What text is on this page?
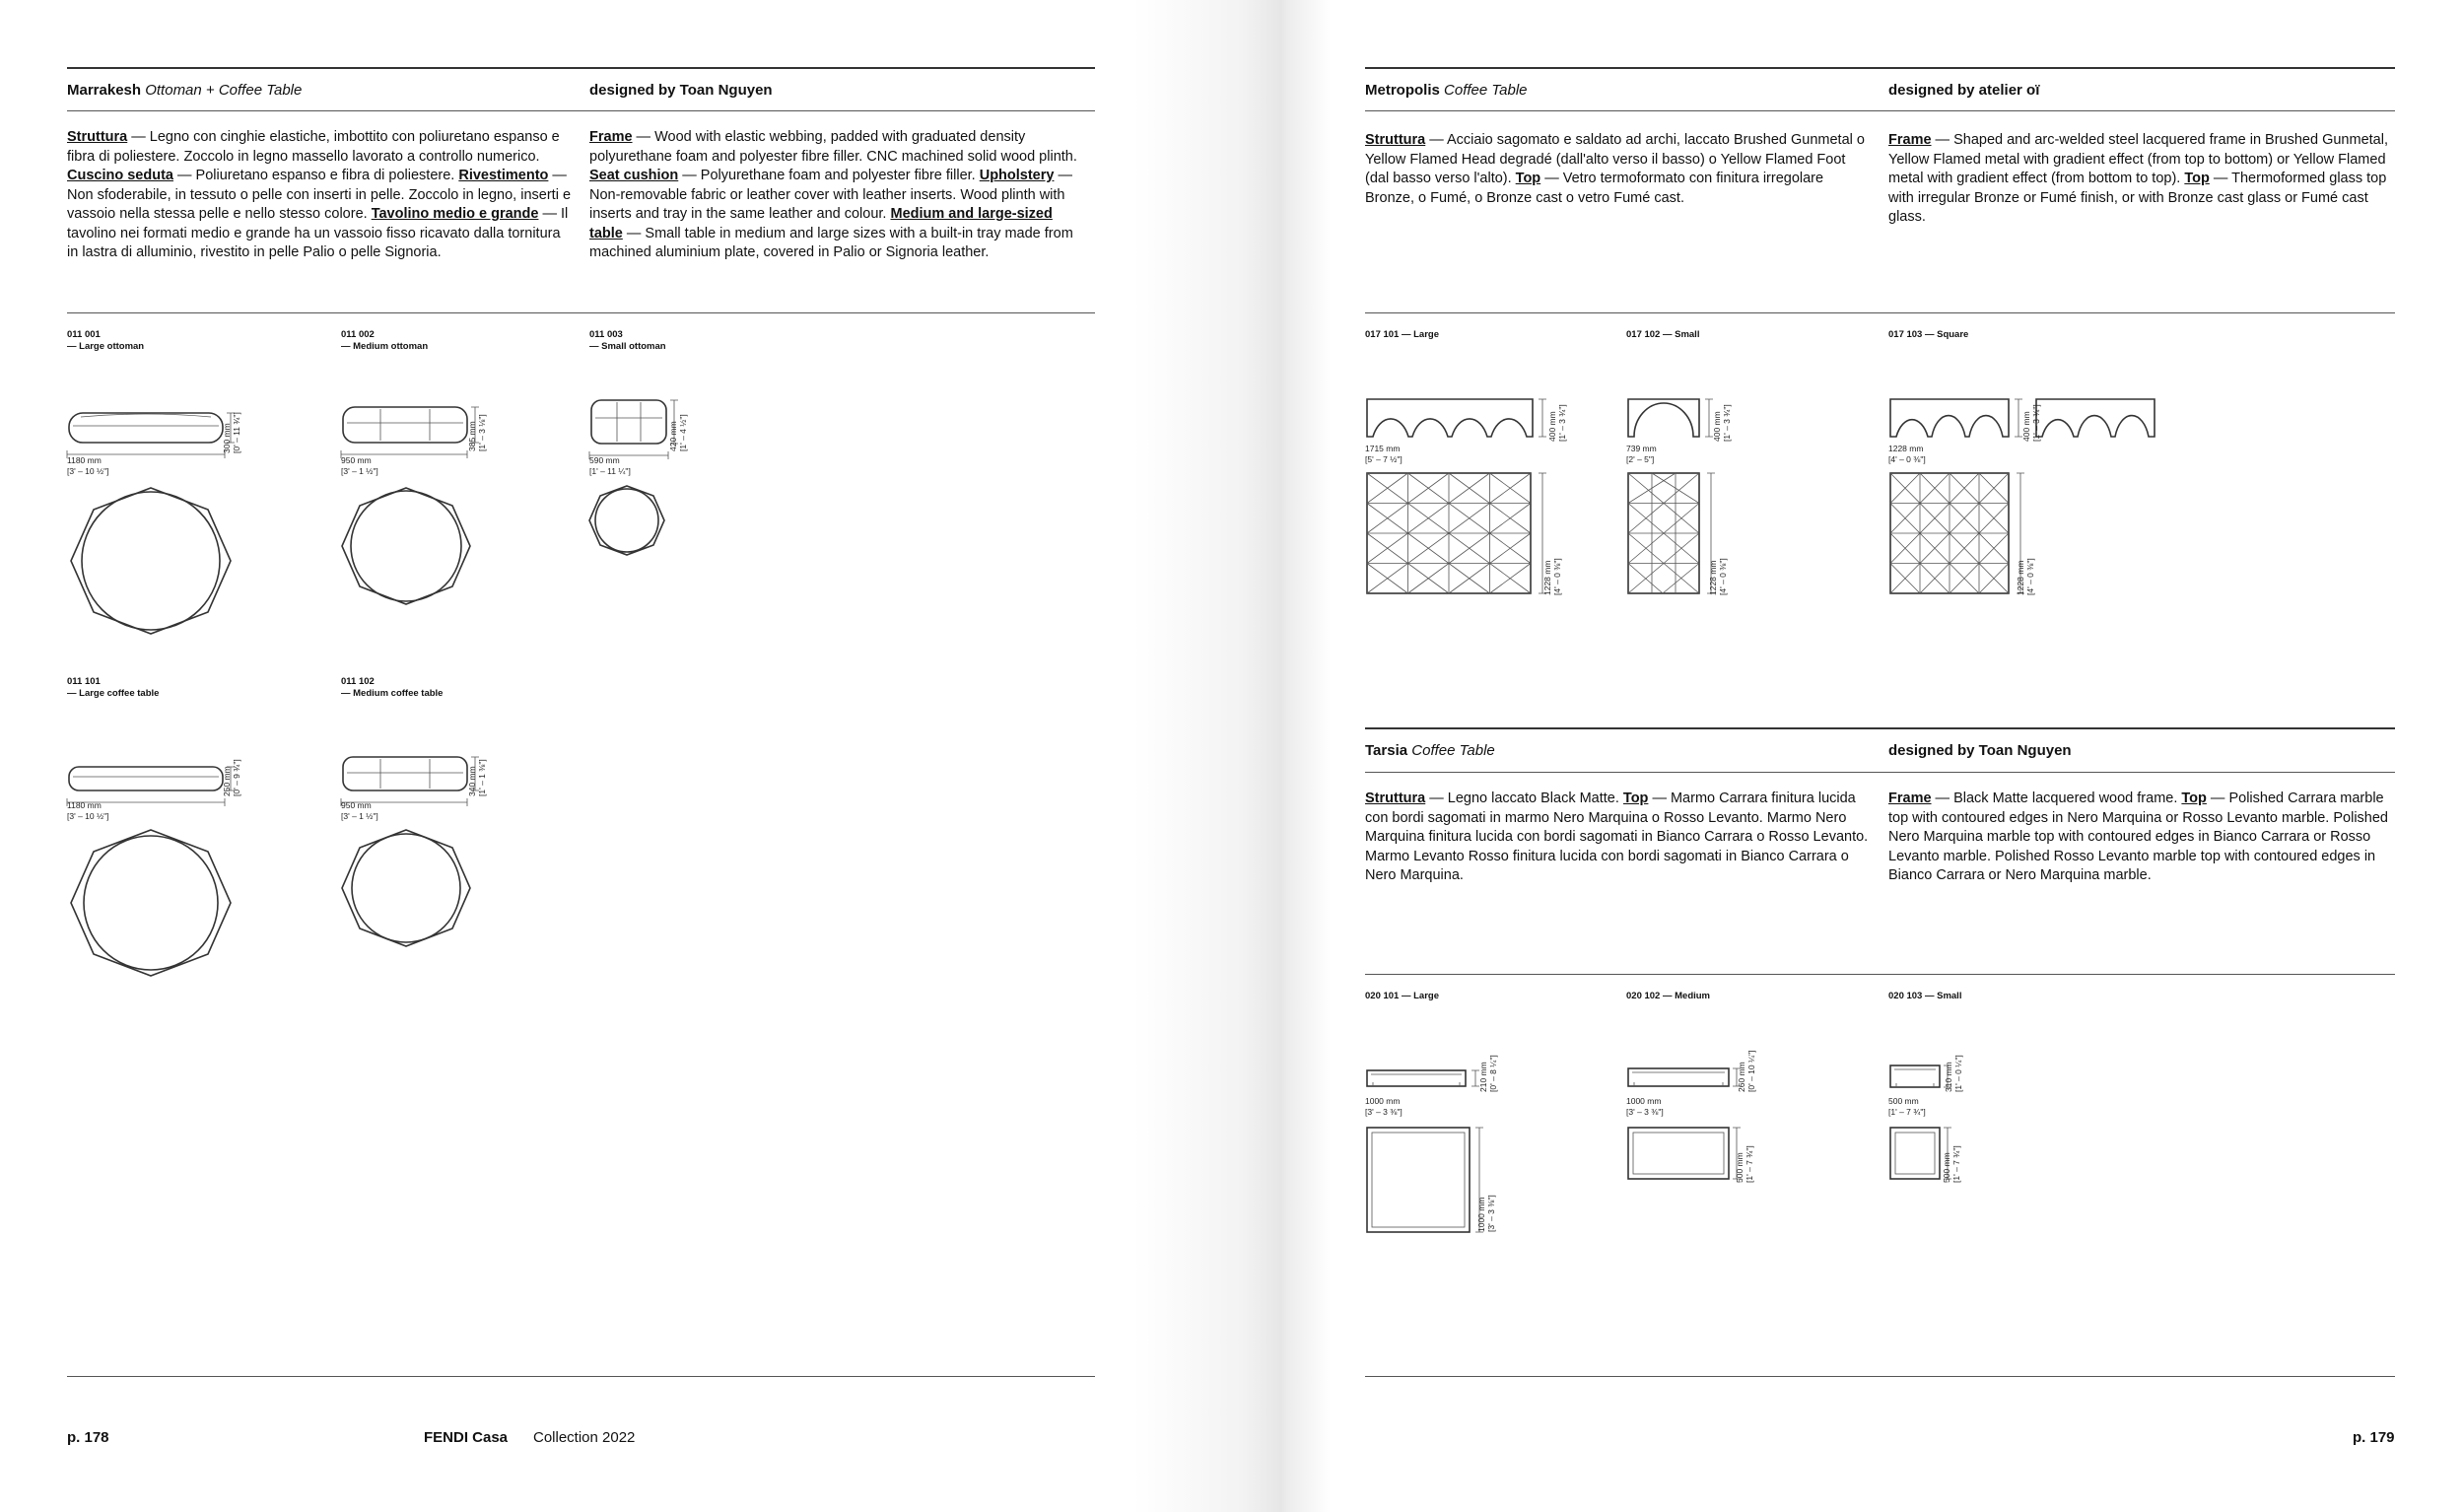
Marrakesh Ottoman + Coffee Table	designed by Toan Nguyen
Struttura — Legno con cinghie elastiche, imbottito con poliuretano espanso e fibra di poliestere. Zoccolo in legno massello lavorato a controllo numerico. Cuscino seduta — Poliuretano espanso e fibra di poliestere. Rivestimento — Non sfoderabile, in tessuto o pelle con inserti in pelle. Zoccolo in legno, inserti e vassoio nella stessa pelle e nello stesso colore. Tavolino medio e grande — Il tavolino nei formati medio e grande ha un vassoio fisso ricavato dalla tornitura in lastra di alluminio, rivestito in pelle Palio o pelle Signoria.
Frame — Wood with elastic webbing, padded with graduated density polyurethane foam and polyester fibre filler. CNC machined solid wood plinth. Seat cushion — Polyurethane foam and polyester fibre filler. Upholstery — Non-removable fabric or leather cover with leather inserts. Wood plinth with inserts and tray in the same leather and colour. Medium and large-sized table — Small table in medium and large sizes with a built-in tray made from machined aluminium plate, covered in Palio or Signoria leather.
011 001
— Large ottoman
1180 mm
[3' – 10 ½"]
300 mm [0' – 11 ¾"]
011 002
— Medium ottoman
950 mm
[3' – 1 ½"]
385 mm [1' – 3 ⅛"]
011 003
— Small ottoman
590 mm
[1' – 11 ¼"]
420 mm [1' – 4 ½"]
011 101
— Large coffee table
1180 mm
[3' – 10 ½"]
250 mm [0' – 9 ¾"]
011 102
— Medium coffee table
950 mm
[3' – 1 ½"]
340 mm [1' – 1 ⅜"]
p. 178	FENDI Casa Collection 2022
Metropolis Coffee Table	designed by atelier oï
Struttura — Acciaio sagomato e saldato ad archi, laccato Brushed Gunmetal o Yellow Flamed Head degradé (dall'alto verso il basso) o Yellow Flamed Foot (dal basso verso l'alto). Top — Vetro termoformato con finitura irregolare Bronze, o Fumé, o Bronze cast o vetro Fumé cast.
Frame — Shaped and arc-welded steel lacquered frame in Brushed Gunmetal, Yellow Flamed metal with gradient effect (from top to bottom) or Yellow Flamed metal with gradient effect (from bottom to top). Top — Thermoformed glass top with irregular Bronze or Fumé finish, or with Bronze cast glass or Fumé cast glass.
017 101 — Large
1715 mm
[5' – 7 ½"]
400 mm [1' – 3 ¾"]
1228 mm [4' – 0 ⅜"]
017 102 — Small
739 mm
[2' – 5"]
400 mm [1' – 3 ¾"]
1228 mm [4' – 0 ⅜"]
017 103 — Square
1228 mm
[4' – 0 ⅜"]
400 mm [1' – 3 ¾"]
1228 mm [4' – 0 ⅜"]
Tarsia Coffee Table	designed by Toan Nguyen
Struttura — Legno laccato Black Matte. Top — Marmo Carrara finitura lucida con bordi sagomati in marmo Nero Marquina o Rosso Levanto. Marmo Nero Marquina finitura lucida con bordi sagomati in Bianco Carrara o Rosso Levanto. Marmo Levanto Rosso finitura lucida con bordi sagomati in Bianco Carrara o Nero Marquina.
Frame — Black Matte lacquered wood frame. Top — Polished Carrara marble top with contoured edges in Nero Marquina or Rosso Levanto marble. Polished Nero Marquina marble top with contoured edges in Bianco Carrara or Rosso Levanto marble. Polished Rosso Levanto marble top with contoured edges in Bianco Carrara or Nero Marquina marble.
020 101 — Large
1000 mm
[3' – 3 ⅜"]
210 mm [0' – 8 ¼"]
1000 mm [3' – 3 ⅜"]
020 102 — Medium
1000 mm
[3' – 3 ⅜"]
260 mm [0' – 10 ¼"]
500 mm [1' – 7 ¾"]
020 103 — Small
500 mm
[1' – 7 ¾"]
310 mm [1' – 0 ¼"]
500 mm [1' – 7 ¾"]
p. 179
